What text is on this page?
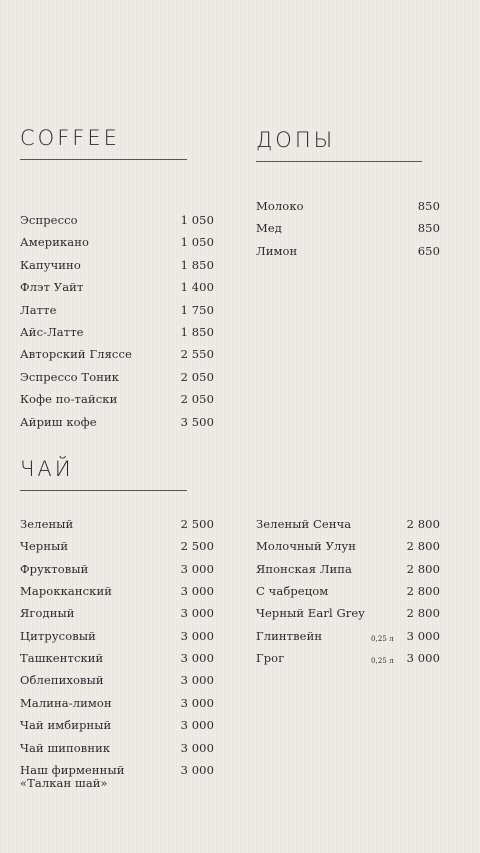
COFFEE
Эспрессо	1 050
Американо	1 050
Капучино	1 850
Флэт Уайт	1 400
Латте	1 750
Айс-Латте	1 850
Авторский Гляссе	2 550
Эспрессо Тоник	2 050
Кофе по-тайски	2 050
Айриш кофе	3 500
ДОПЫ
Молоко	850
Мед	850
Лимон	650
ЧАЙ
Зеленый	2 500
Черный	2 500
Фруктовый	3 000
Марокканский	3 000
Ягодный	3 000
Цитрусовый	3 000
Ташкентский	3 000
Облепиховый	3 000
Малина-лимон	3 000
Чай имбирный	3 000
Чай шиповник	3 000
Наш фирменный
«Талкан шай»
3 000
Зеленый Сенча	2 800
Молочный Улун	2 800
Японская Липа	2 800
С чабрецом	2 800
Черный Earl Grey	2 800
Глинтвейн	0,25 л 3 000
Грог	0,25 л 3 000
